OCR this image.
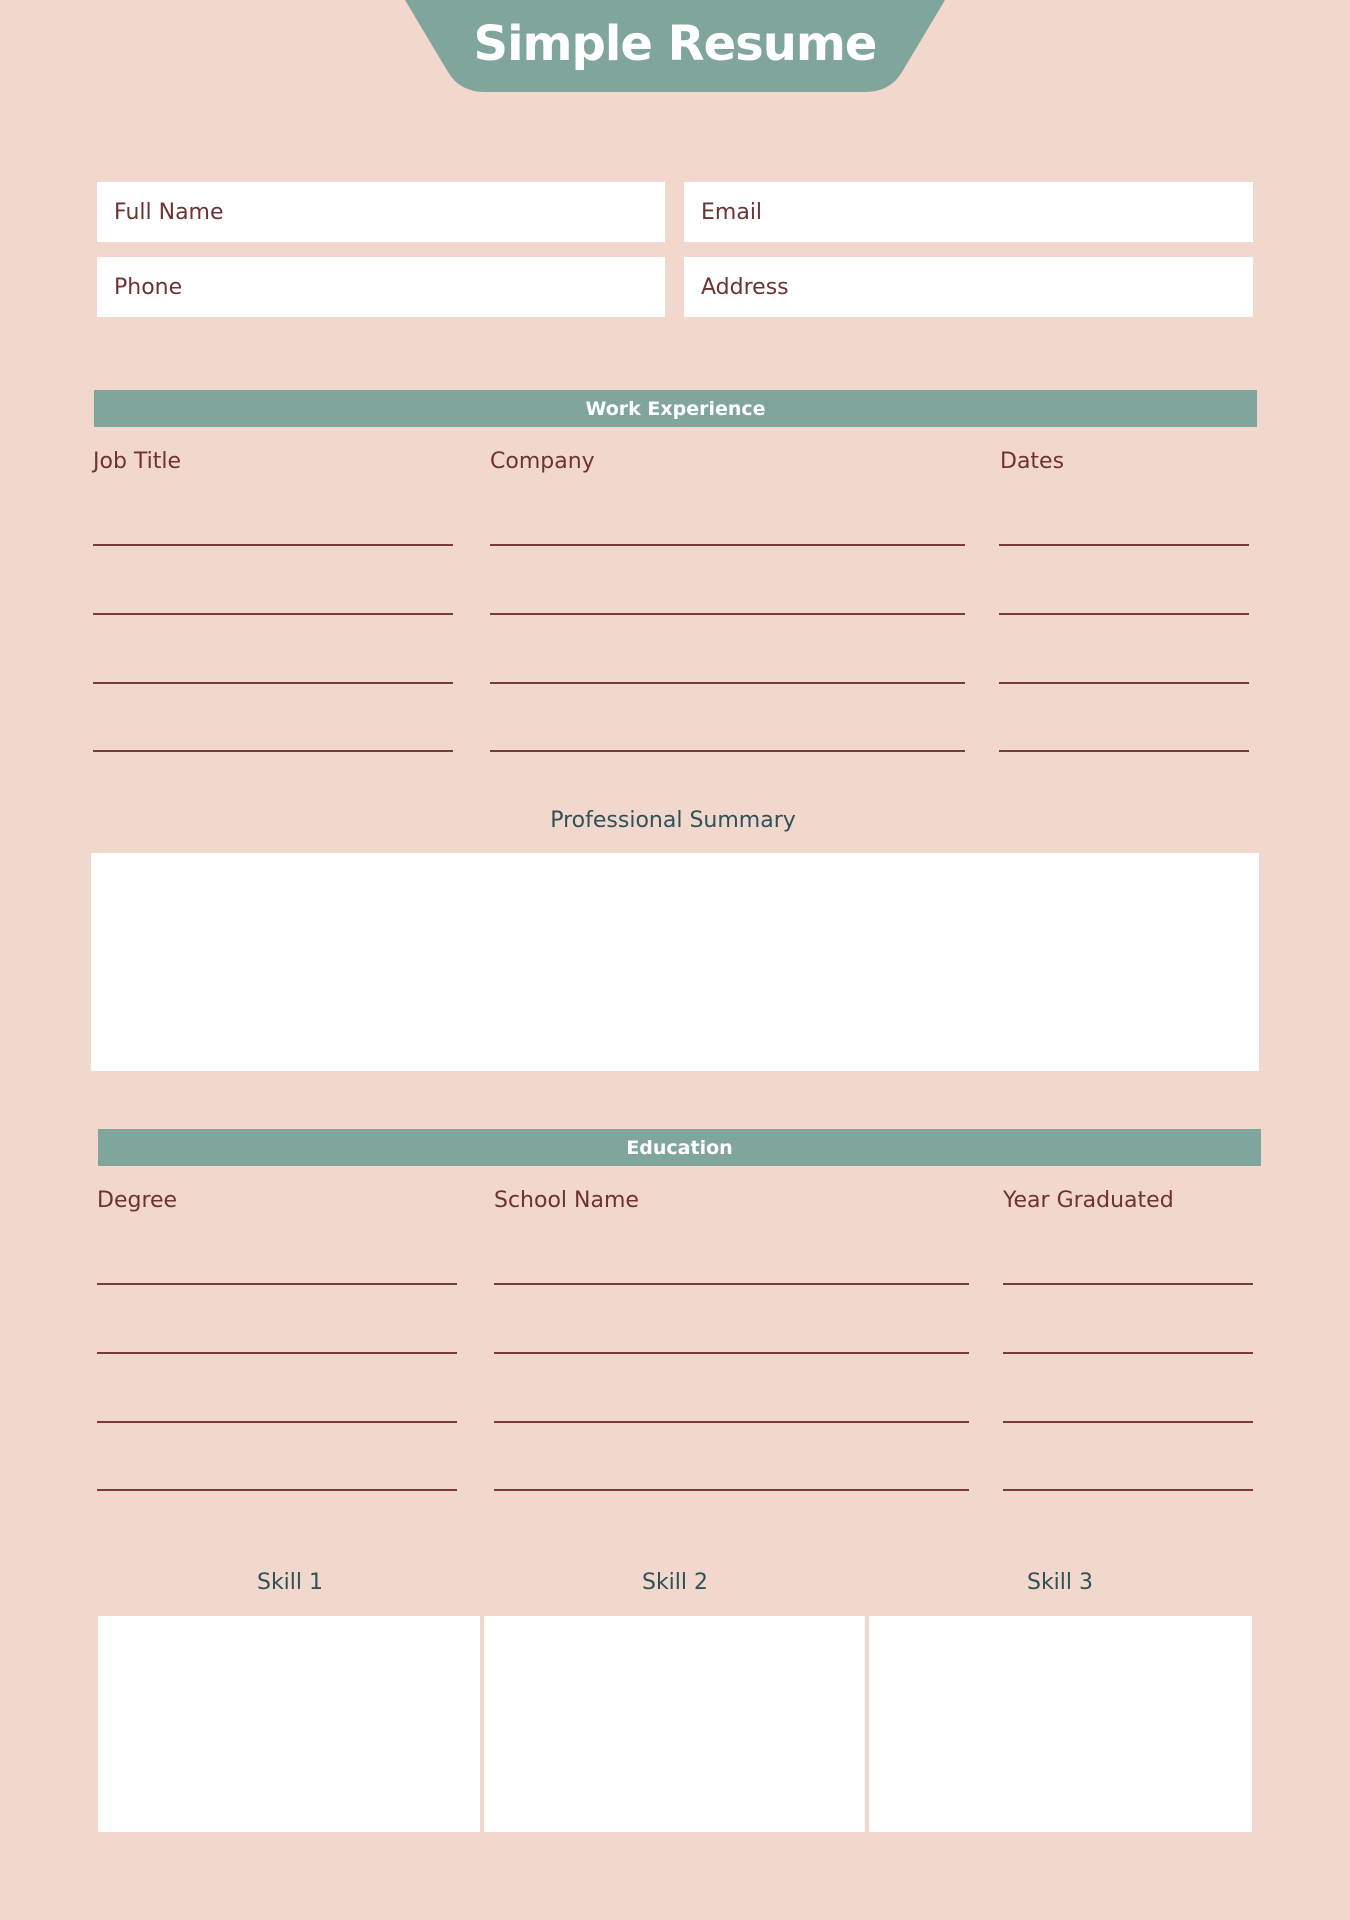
Simple Resume
Full Name	Email
Phone	Address
Work Experience
Job Title	Company	Dates
Professional Summary
Education
Degree	School Name	Year Graduated
Skill 1	Skill 2	Skill 3
